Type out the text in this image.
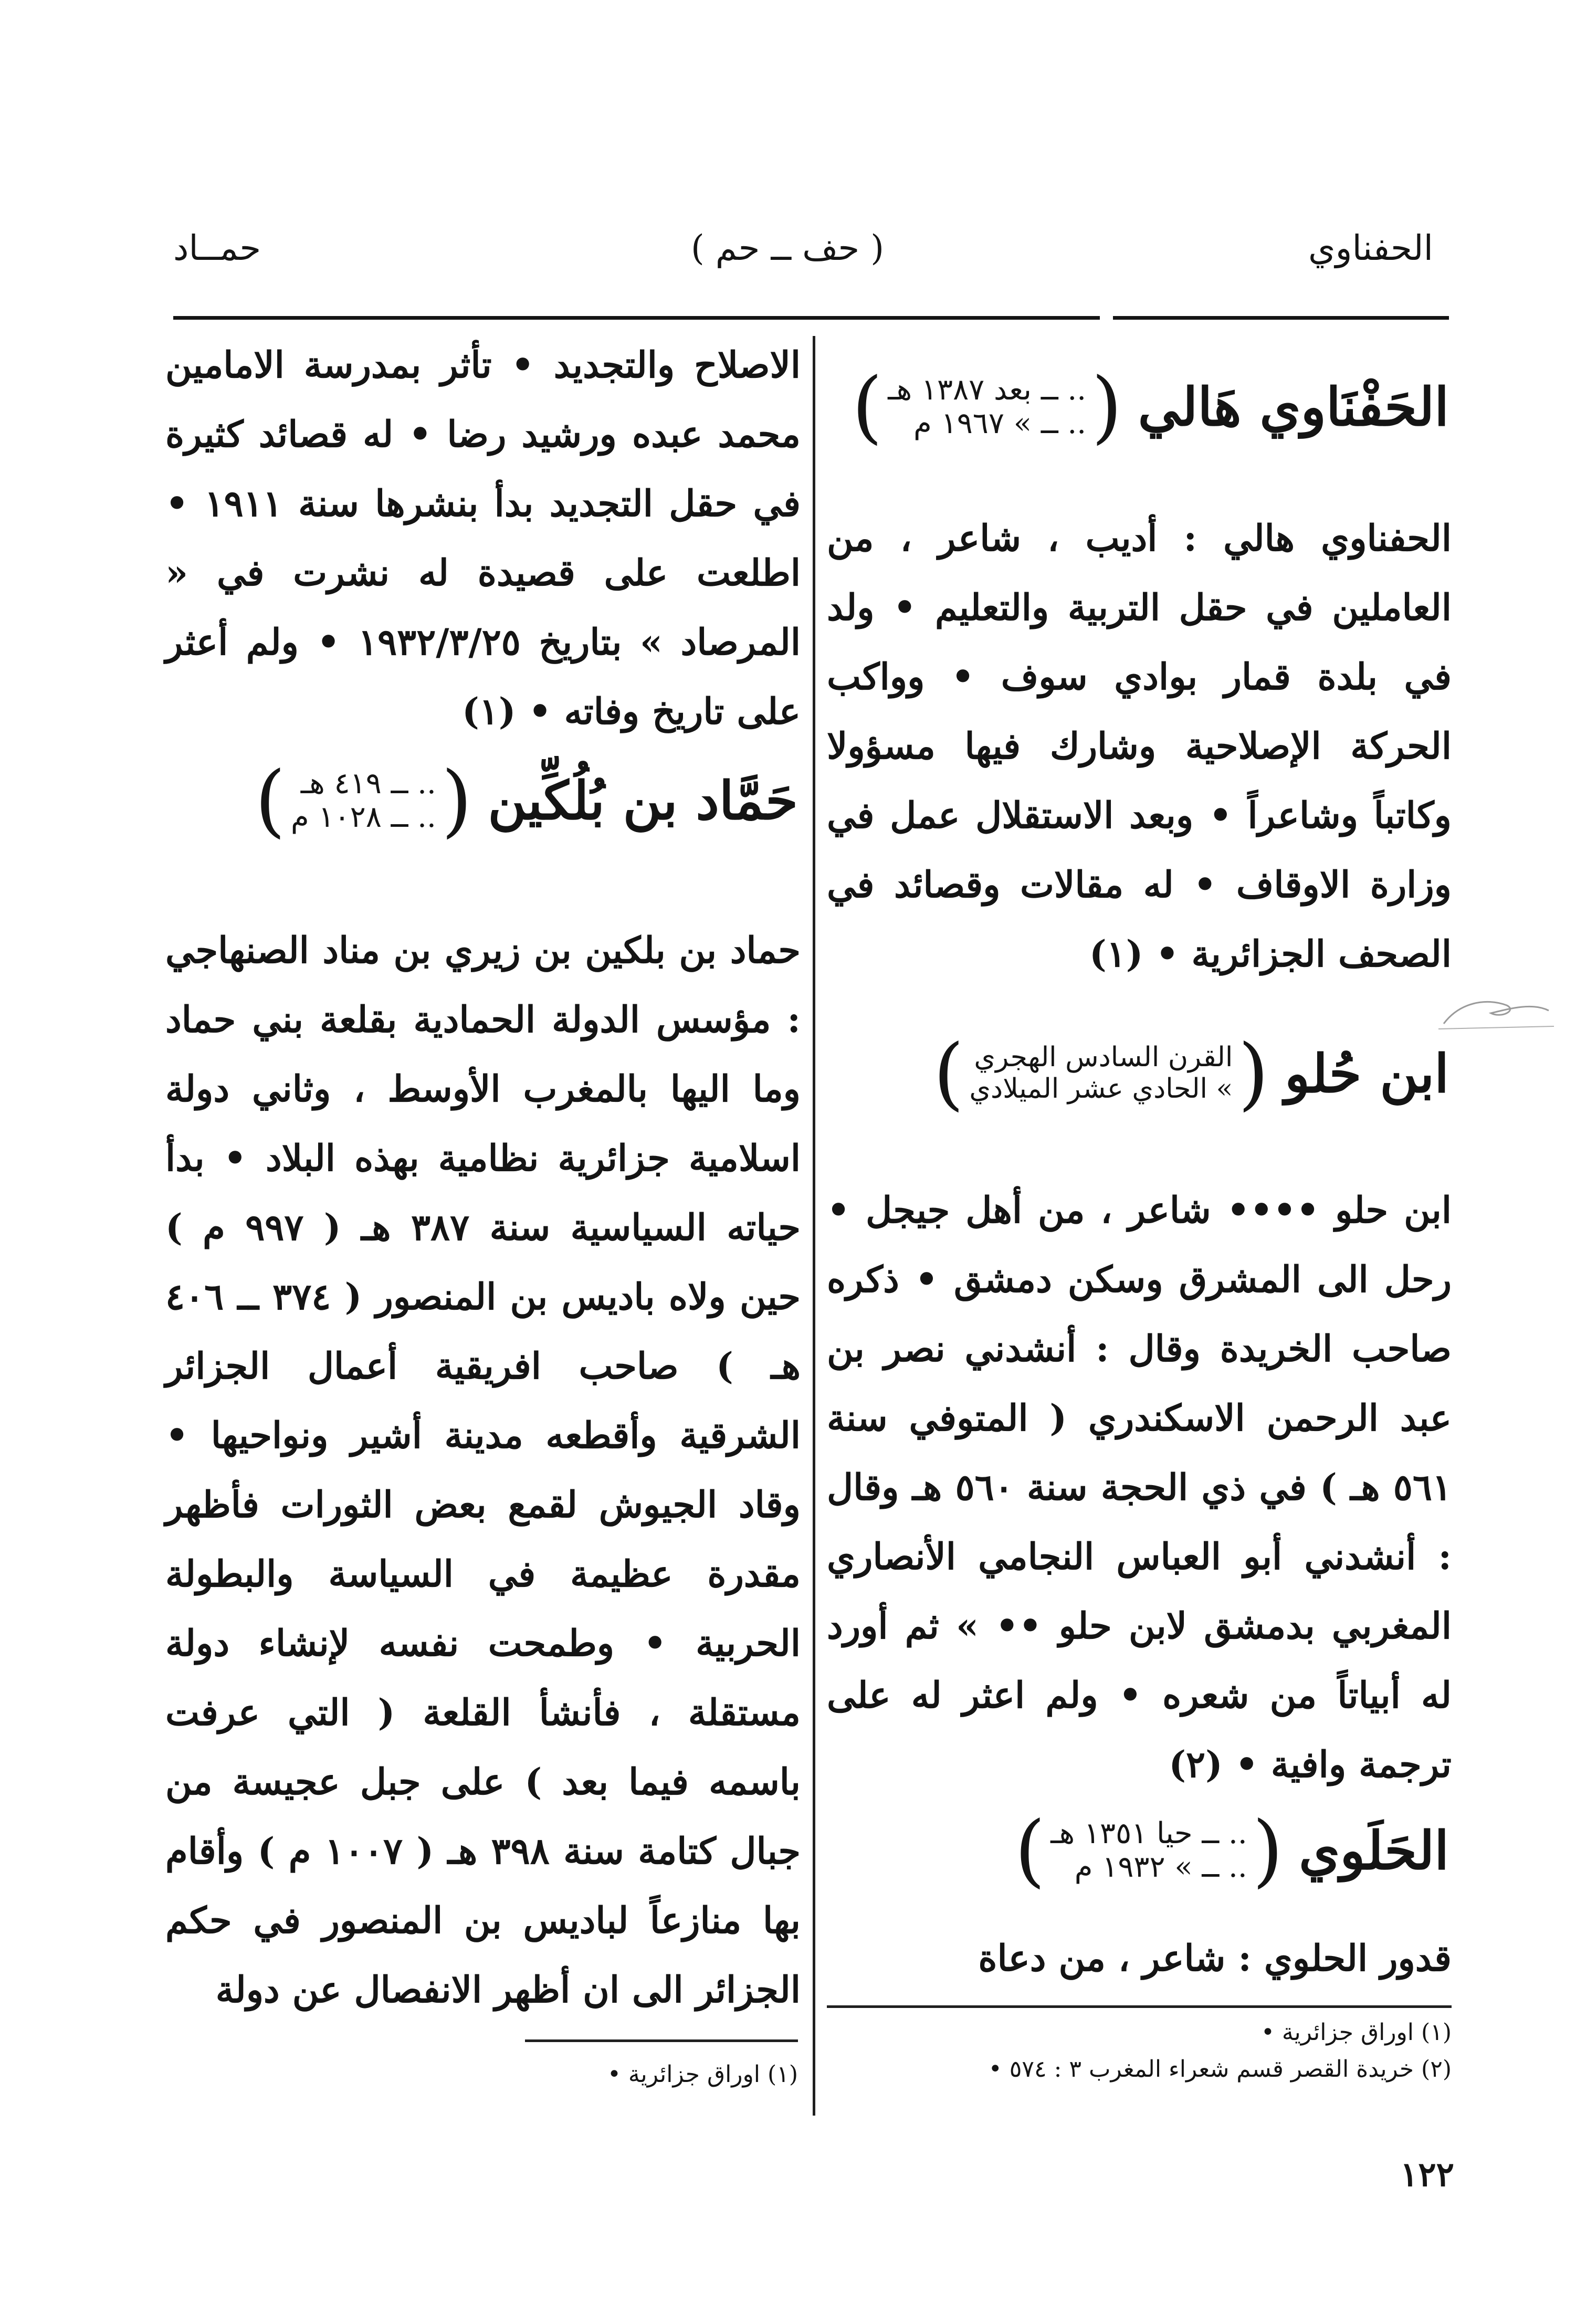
الحفناوي
( حف ــ حم )
حمــاد
الحَفْنَاوي هَالي
(
.. ــ بعد ١٣٨٧ هـ
.. ــ » ١٩٦٧ م
)

الحفناوي هالي : أديب ، شاعر ، من العاملين في حقل التربية والتعليم • ولد في بلدة قمار بوادي سوف • وواكب الحركة الإصلاحية وشارك فيها مسؤولا وكاتباً وشاعراً • وبعد الاستقلال عمل في وزارة الاوقاف • له مقالات وقصائد في الصحف الجزائرية • (١)

ابن حُلو
(
القرن السادس الهجري
» الحادي عشر الميلادي
)

ابن حلو •••• شاعر ، من أهل جيجل • رحل الى المشرق وسكن دمشق • ذكره صاحب الخريدة وقال : أنشدني نصر بن عبد الرحمن الاسكندري ( المتوفي سنة ٥٦١ هـ ) في ذي الحجة سنة ٥٦٠ هـ وقال : أنشدني أبو العباس النجامي الأنصاري المغربي بدمشق لابن حلو •• » ثم أورد له أبياتاً من شعره • ولم اعثر له على ترجمة وافية • (٢)

الحَلَوي
(
.. ــ حيا ١٣٥١ هـ
.. ــ » ١٩٣٢ م
)

قدور الحلوي : شاعر ، من دعاة

(١) اوراق جزائرية •
(٢) خريدة القصر قسم شعراء المغرب ٣ : ٥٧٤ •

الاصلاح والتجديد • تأثر بمدرسة الامامين محمد عبده ورشيد رضا • له قصائد كثيرة في حقل التجديد بدأ بنشرها سنة ١٩١١ • اطلعت على قصيدة له نشرت في « المرصاد » بتاريخ ١٩٣٢/٣/٢٥ • ولم أعثر على تاريخ وفاته • (١)

حَمَّاد بن بُلُكِّين
(
.. ــ ٤١٩ هـ
.. ــ ١٠٢٨ م
)

حماد بن بلكين بن زيري بن مناد الصنهاجي : مؤسس الدولة الحمادية بقلعة بني حماد وما اليها بالمغرب الأوسط ، وثاني دولة اسلامية جزائرية نظامية بهذه البلاد • بدأ حياته السياسية سنة ٣٨٧ هـ ( ٩٩٧ م ) حين ولاه باديس بن المنصور ( ٣٧٤ ــ ٤٠٦ هـ ) صاحب افريقية أعمال الجزائر الشرقية وأقطعه مدينة أشير ونواحيها • وقاد الجيوش لقمع بعض الثورات فأظهر مقدرة عظيمة في السياسة والبطولة الحربية • وطمحت نفسه لإنشاء دولة مستقلة ، فأنشأ القلعة ( التي عرفت باسمه فيما بعد ) على جبل عجيسة من جبال كتامة سنة ٣٩٨ هـ ( ١٠٠٧ م ) وأقام بها منازعاً لباديس بن المنصور في حكم الجزائر الى ان أظهر الانفصال عن دولة

(١) اوراق جزائرية •
١٢٢
